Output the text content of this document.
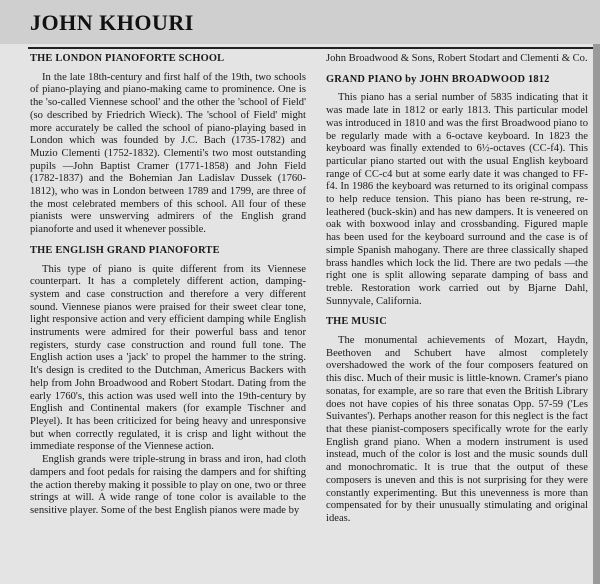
JOHN KHOURI
THE LONDON PIANOFORTE SCHOOL

In the late 18th-century and first half of the 19th, two schools of piano-playing and piano-making came to prominence. One is the 'so-called Viennese school' and the other the 'school of Field' (so described by Friedrich Wieck). The 'school of Field' might more accurately be called the school of piano-playing based in London which was founded by J.C. Bach (1735-1782) and Muzio Clementi (1752-1832). Clementi's two most outstanding pupils —John Baptist Cramer (1771-1858) and John Field (1782-1837) and the Bohemian Jan Ladislav Dussek (1760-1812), who was in London between 1789 and 1799, are three of the most celebrated members of this school. All four of these pianists were unswerving admirers of the English grand pianoforte and used it whenever possible.

THE ENGLISH GRAND PIANOFORTE

This type of piano is quite different from its Viennese counterpart. It has a completely different action, damping-system and case construction and therefore a very different sound. Viennese pianos were praised for their sweet clear tone, light responsive action and very efficient damping while English instruments were admired for their powerful bass and tenor registers, sturdy case construction and round full tone. The English action uses a 'jack' to propel the hammer to the string. It's design is credited to the Dutchman, Americus Backers with help from John Broadwood and Robert Stodart. Dating from the early 1760's, this action was used well into the 19th-century by English and Continental makers (for example Tischner and Pleyel). It has been criticized for being heavy and unresponsive but when correctly regulated, it is crisp and light without the immediate response of the Viennese action.

English grands were triple-strung in brass and iron, had cloth dampers and foot pedals for raising the dampers and for shifting the action thereby making it possible to play on one, two or three strings at will. A wide range of tone color is available to the sensitive player. Some of the best English pianos were made by

John Broadwood & Sons, Robert Stodart and Clementi & Co.

GRAND PIANO by JOHN BROADWOOD 1812

This piano has a serial number of 5835 indicating that it was made late in 1812 or early 1813. This particular model was introduced in 1810 and was the first Broadwood piano to be regularly made with a 6-octave keyboard. In 1823 the keyboard was finally extended to 6½-octaves (CC-f4). This particular piano started out with the usual English keyboard range of CC-c4 but at some early date it was changed to FF-f4. In 1986 the keyboard was returned to its original compass to help reduce tension. This piano has been re-strung, re-leathered (buck-skin) and has new dampers. It is veneered on oak with boxwood inlay and crossbanding. Figured maple has been used for the keyboard surround and the case is of simple Spanish mahogany. There are three classically shaped brass handles which lock the lid. There are two pedals —the right one is split allowing separate damping of bass and treble. Restoration work carried out by Bjarne Dahl, Sunnyvale, California.

THE MUSIC

The monumental achievements of Mozart, Haydn, Beethoven and Schubert have almost completely overshadowed the work of the four composers featured on this disc. Much of their music is little-known. Cramer's piano sonatas, for example, are so rare that even the British Library does not have copies of his three sonatas Opp. 57-59 ('Les Suivantes'). Perhaps another reason for this neglect is the fact that these pianist-composers specifically wrote for the early English grand piano. When a modern instrument is used instead, much of the color is lost and the music sounds dull and monochromatic. It is true that the output of these composers is uneven and this is not surprising for they were constantly experimenting. But this unevenness is more than compensated for by their unusually stimulating and original ideas.
